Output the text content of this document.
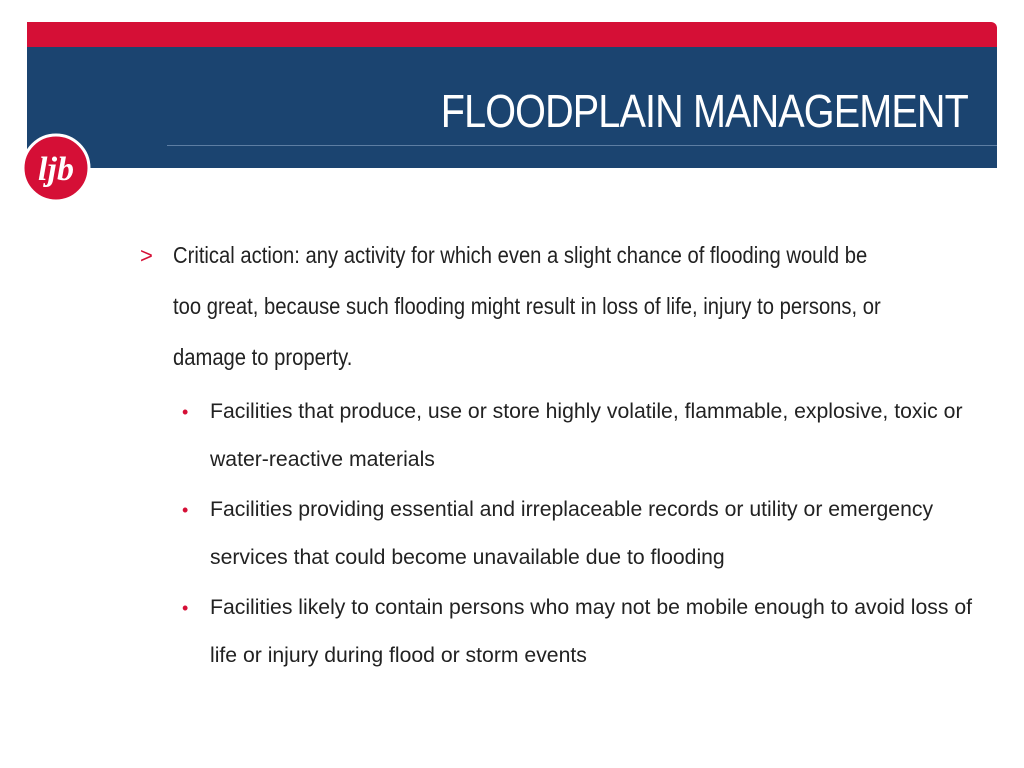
FLOODPLAIN MANAGEMENT
ljb
> Critical action: any activity for which even a slight chance of flooding would be too great, because such flooding might result in loss of life, injury to persons, or damage to property.
•	Facilities that produce, use or store highly volatile, flammable, explosive, toxic or water-reactive materials
•	Facilities providing essential and irreplaceable records or utility or emergency services that could become unavailable due to flooding
•	Facilities likely to contain persons who may not be mobile enough to avoid loss of life or injury during flood or storm events
